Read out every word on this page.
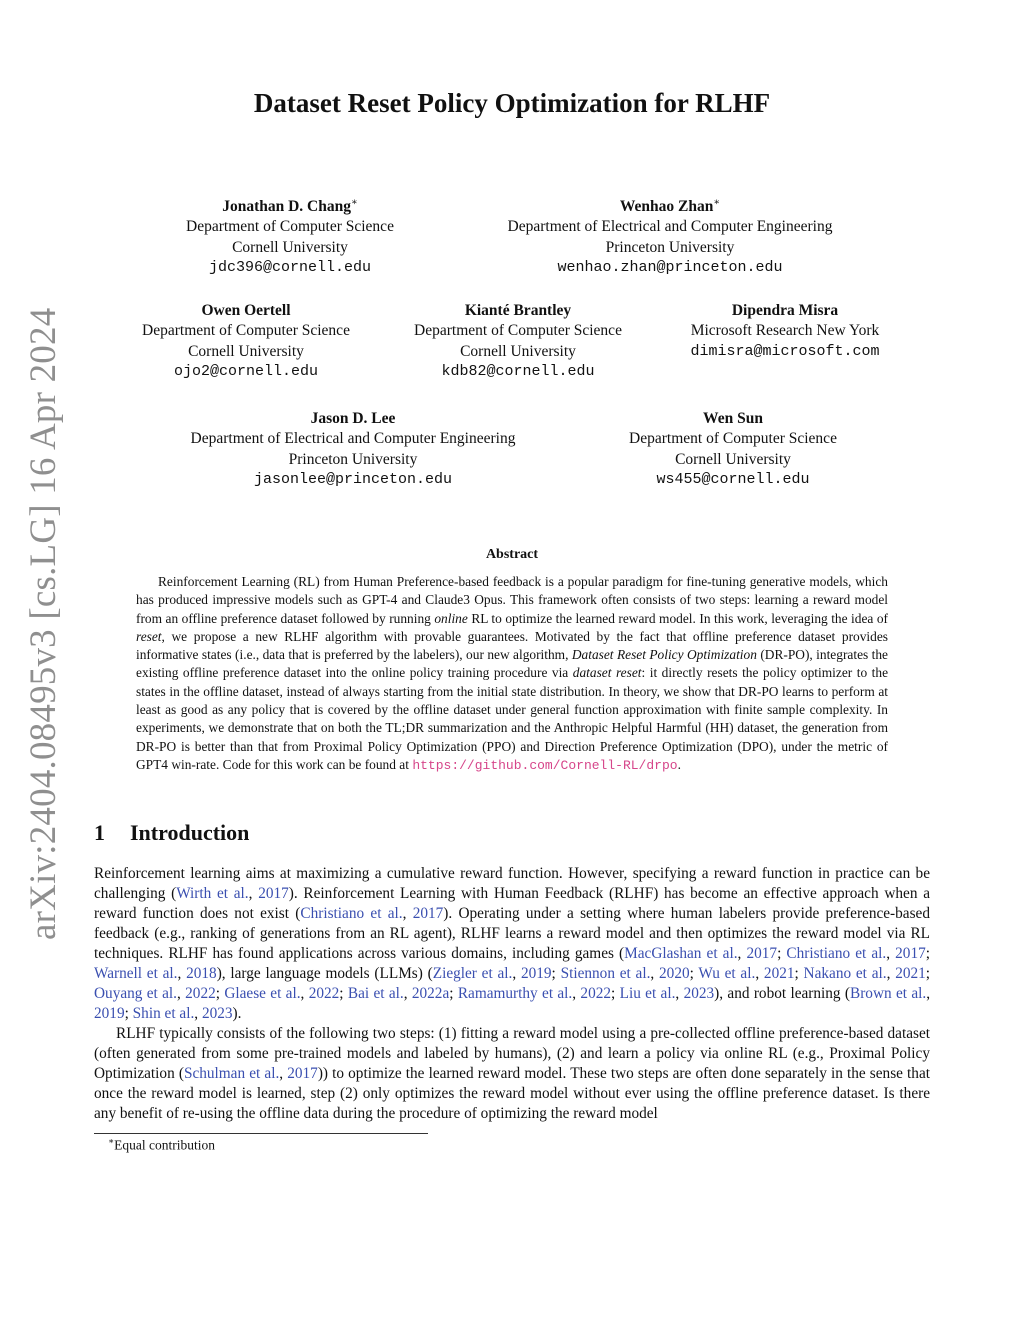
arXiv:2404.08495v3 [cs.LG] 16 Apr 2024
Dataset Reset Policy Optimization for RLHF
Jonathan D. Chang∗
Department of Computer Science
Cornell University
jdc396@cornell.edu
Wenhao Zhan∗
Department of Electrical and Computer Engineering
Princeton University
wenhao.zhan@princeton.edu
Owen Oertell
Department of Computer Science
Cornell University
ojo2@cornell.edu
Kianté Brantley
Department of Computer Science
Cornell University
kdb82@cornell.edu
Dipendra Misra
Microsoft Research New York
dimisra@microsoft.com
Jason D. Lee
Department of Electrical and Computer Engineering
Princeton University
jasonlee@princeton.edu
Wen Sun
Department of Computer Science
Cornell University
ws455@cornell.edu
Abstract

Reinforcement Learning (RL) from Human Preference-based feedback is a popular paradigm for fine-tuning generative models, which has produced impressive models such as GPT-4 and Claude3 Opus. This framework often consists of two steps: learning a reward model from an offline preference dataset followed by running online RL to optimize the learned reward model. In this work, leveraging the idea of reset, we propose a new RLHF algorithm with provable guarantees. Motivated by the fact that offline preference dataset provides informative states (i.e., data that is preferred by the labelers), our new algorithm, Dataset Reset Policy Optimization (DR-PO), integrates the existing offline preference dataset into the online policy training procedure via dataset reset: it directly resets the policy optimizer to the states in the offline dataset, instead of always starting from the initial state distribution. In theory, we show that DR-PO learns to perform at least as good as any policy that is covered by the offline dataset under general function approximation with finite sample complexity. In experiments, we demonstrate that on both the TL;DR summarization and the Anthropic Helpful Harmful (HH) dataset, the generation from DR-PO is better than that from Proximal Policy Optimization (PPO) and Direction Preference Optimization (DPO), under the metric of GPT4 win-rate. Code for this work can be found at https://github.com/Cornell-RL/drpo.

1 Introduction

Reinforcement learning aims at maximizing a cumulative reward function. However, specifying a reward function in practice can be challenging (Wirth et al., 2017). Reinforcement Learning with Human Feedback (RLHF) has become an effective approach when a reward function does not exist (Christiano et al., 2017). Operating under a setting where human labelers provide preference-based feedback (e.g., ranking of generations from an RL agent), RLHF learns a reward model and then optimizes the reward model via RL techniques. RLHF has found applications across various domains, including games (MacGlashan et al., 2017; Christiano et al., 2017; Warnell et al., 2018), large language models (LLMs) (Ziegler et al., 2019; Stiennon et al., 2020; Wu et al., 2021; Nakano et al., 2021; Ouyang et al., 2022; Glaese et al., 2022; Bai et al., 2022a; Ramamurthy et al., 2022; Liu et al., 2023), and robot learning (Brown et al., 2019; Shin et al., 2023).

RLHF typically consists of the following two steps: (1) fitting a reward model using a pre-collected offline preference-based dataset (often generated from some pre-trained models and labeled by humans), (2) and learn a policy via online RL (e.g., Proximal Policy Optimization (Schulman et al., 2017)) to optimize the learned reward model. These two steps are often done separately in the sense that once the reward model is learned, step (2) only optimizes the reward model without ever using the offline preference dataset. Is there any benefit of re-using the offline data during the procedure of optimizing the reward model

∗Equal contribution
